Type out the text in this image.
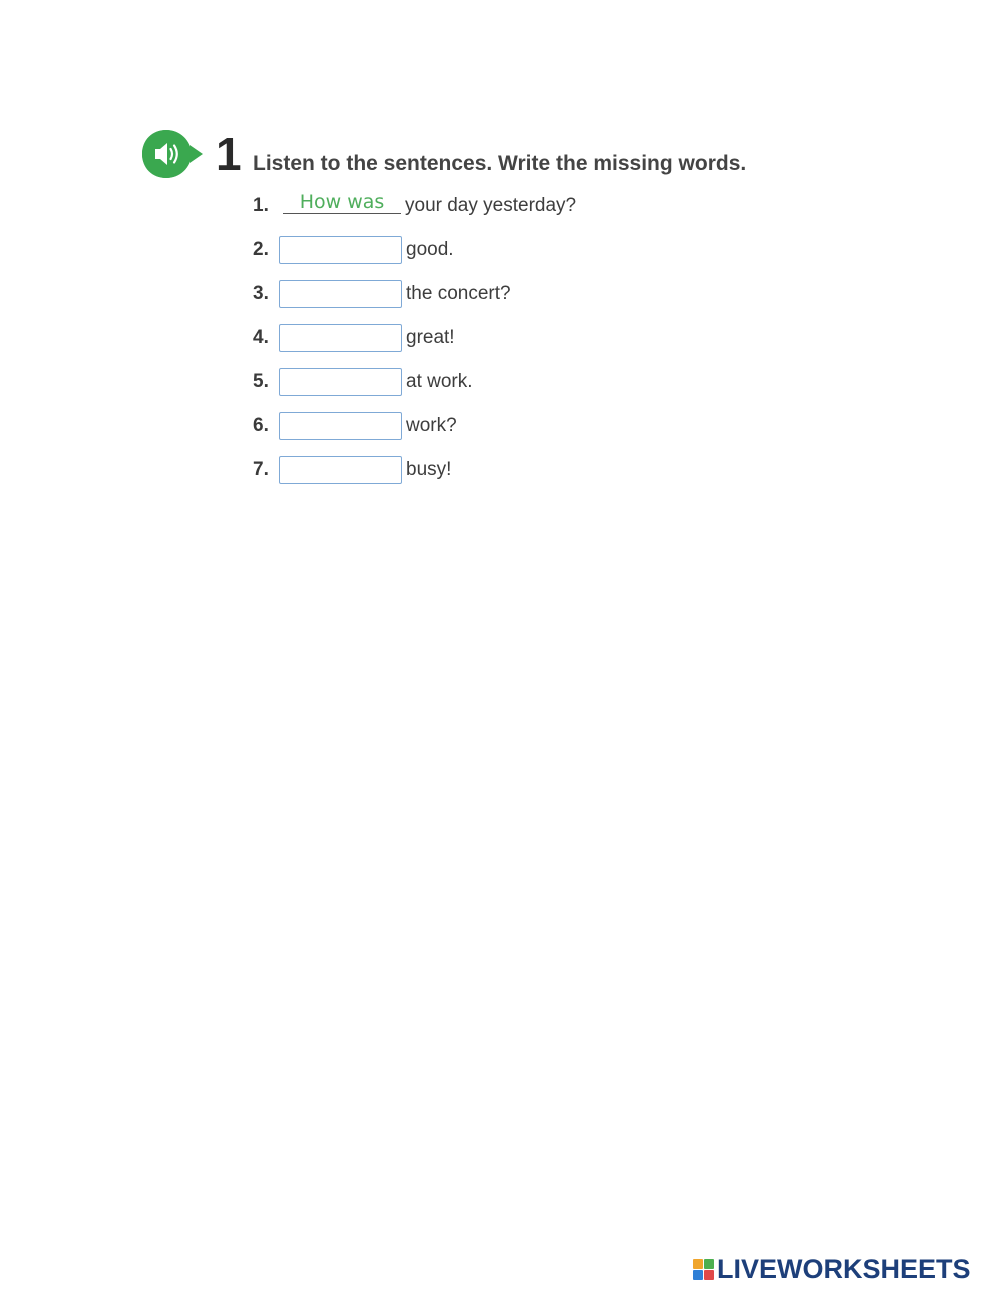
1 Listen to the sentences. Write the missing words.
1.	How was	your day yesterday?
2.	good.
3.	the concert?
4.	great!
5.	at work.
6.	work?
7.	busy!
LIVEWORKSHEETS
